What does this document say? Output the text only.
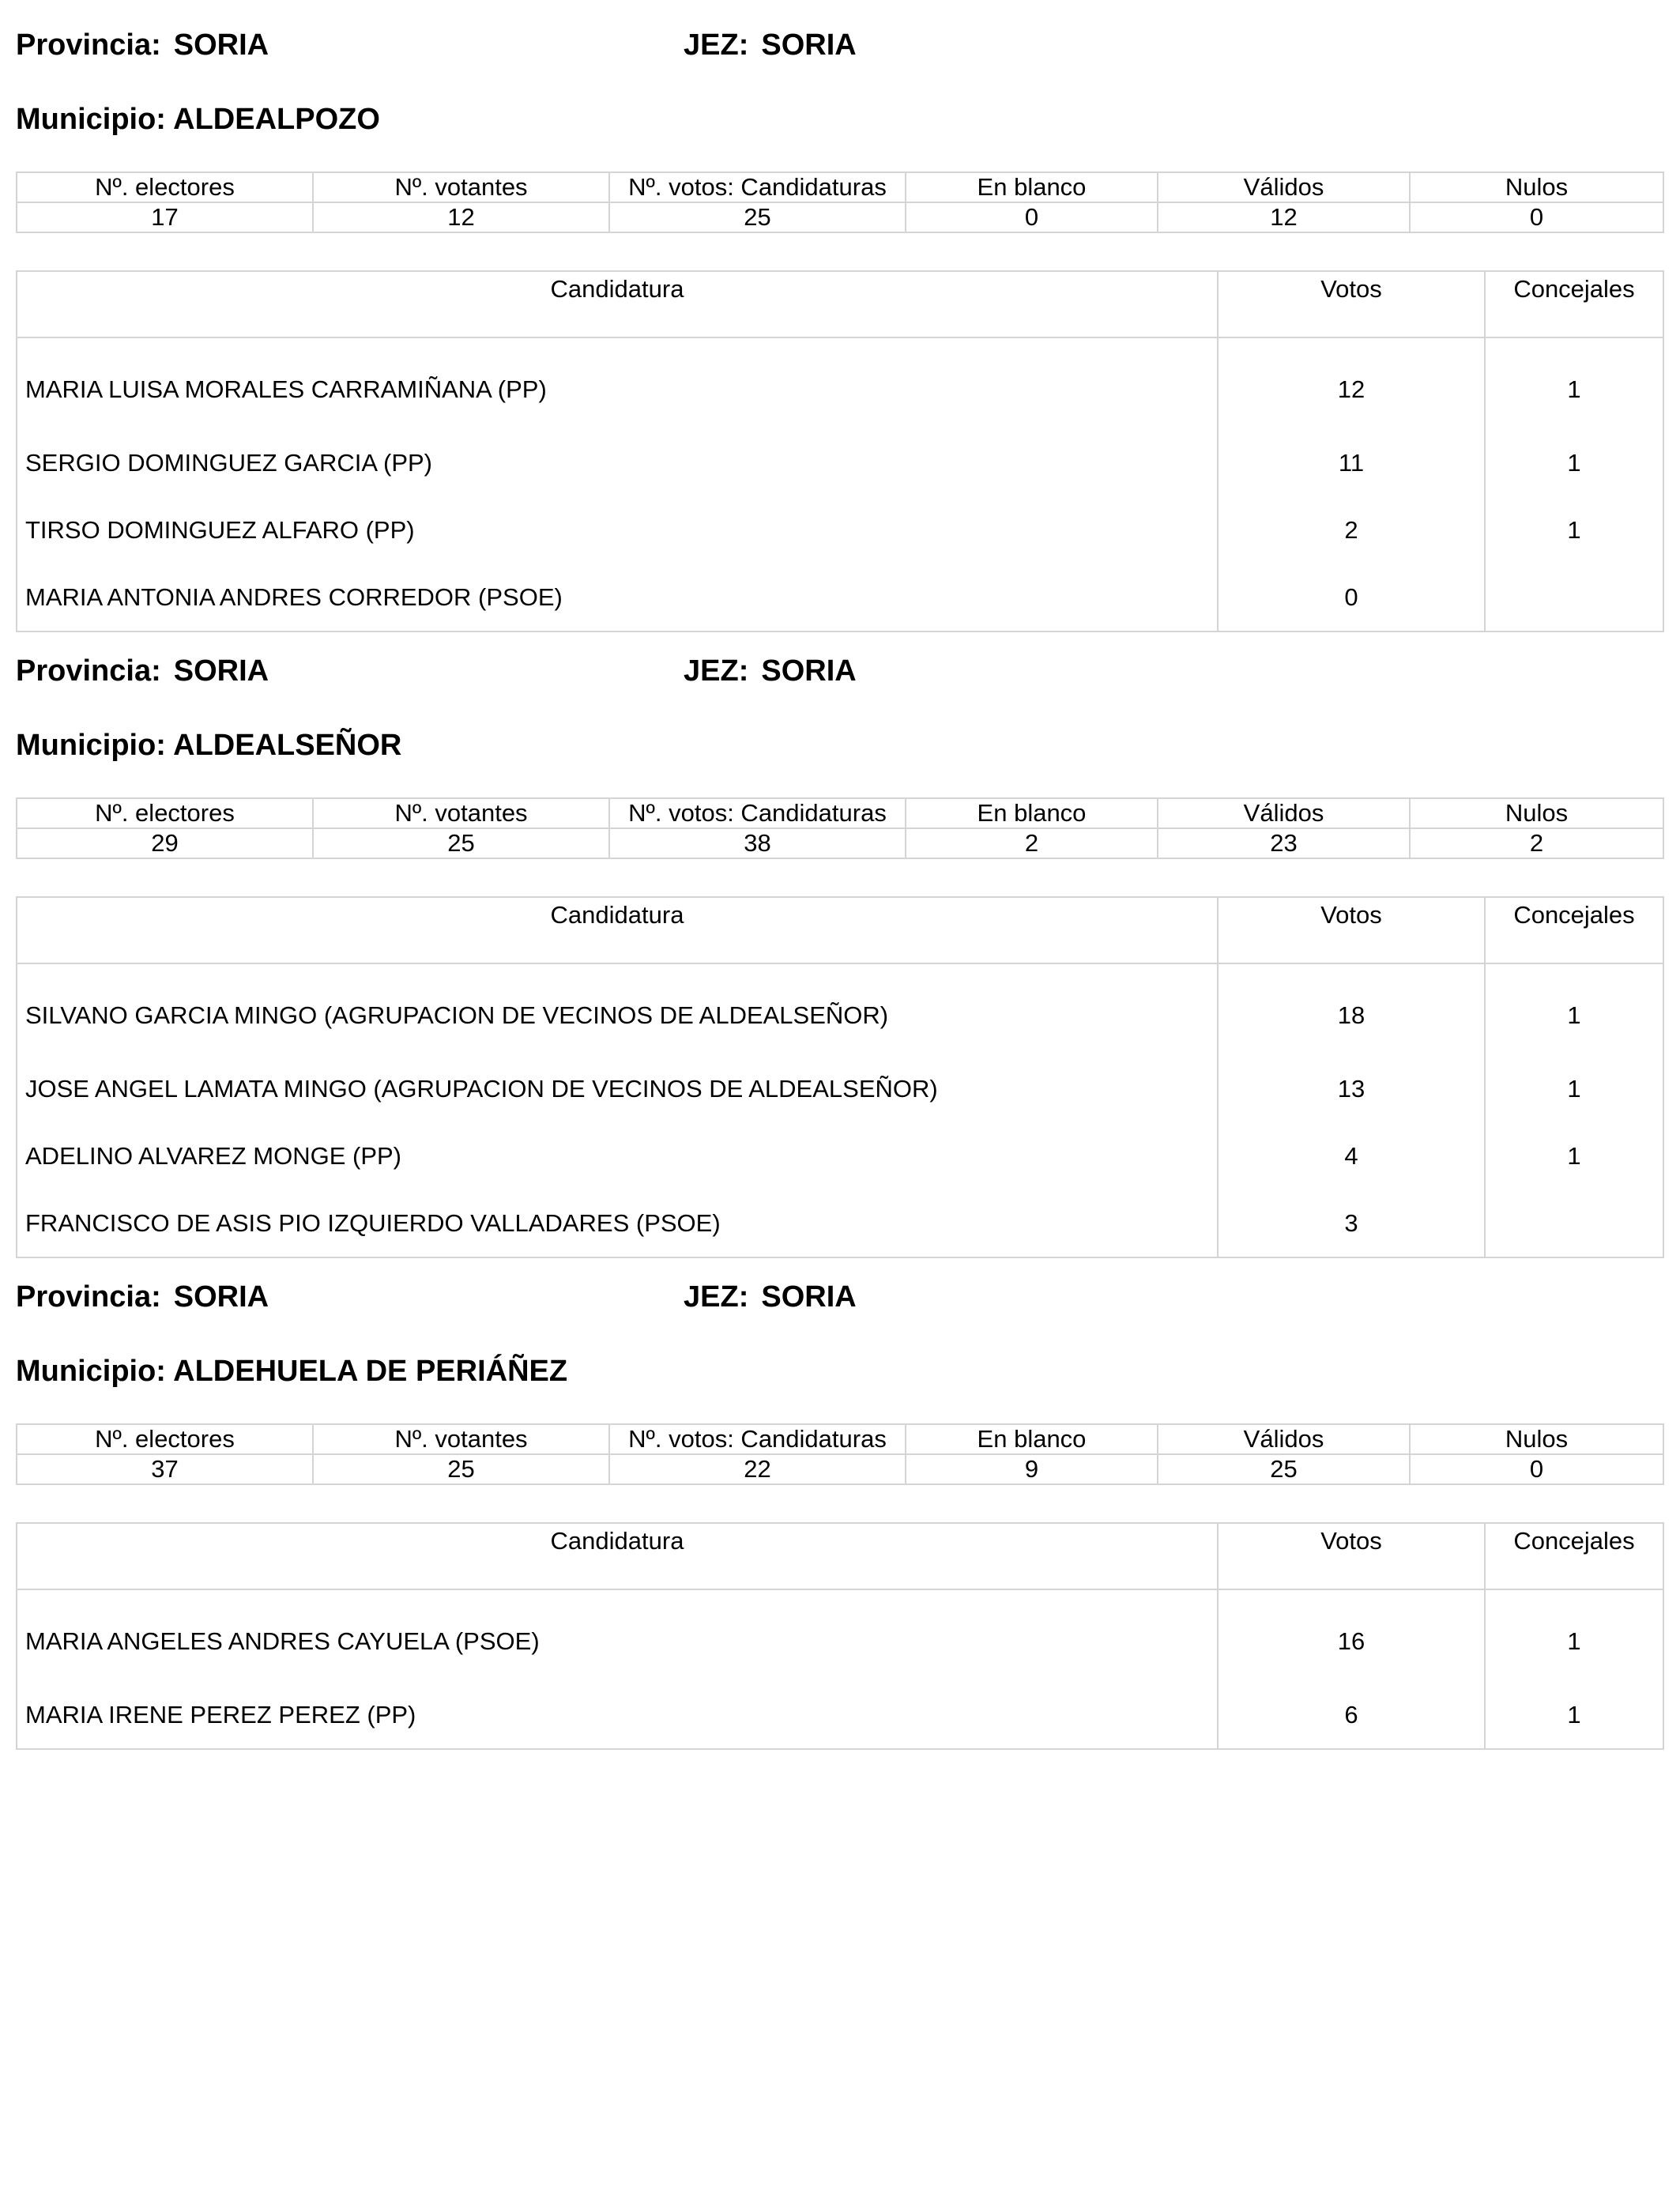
Provincia: SORIA	JEZ: SORIA
Municipio: ALDEALPOZO
Nº. electores	Nº. votantes	Nº. votos: Candidaturas	En blanco	Válidos	Nulos
17	12	25	0	12	0
Candidatura	Votos	Concejales
MARIA LUISA MORALES CARRAMIÑANA (PP)	12	1
SERGIO DOMINGUEZ GARCIA (PP)	11	1
TIRSO DOMINGUEZ ALFARO (PP)	2	1
MARIA ANTONIA ANDRES CORREDOR (PSOE)	0	
Provincia: SORIA	JEZ: SORIA
Municipio: ALDEALSEÑOR
Nº. electores	Nº. votantes	Nº. votos: Candidaturas	En blanco	Válidos	Nulos
29	25	38	2	23	2
Candidatura	Votos	Concejales
SILVANO GARCIA MINGO (AGRUPACION DE VECINOS DE ALDEALSEÑOR)	18	1
JOSE ANGEL LAMATA MINGO (AGRUPACION DE VECINOS DE ALDEALSEÑOR)	13	1
ADELINO ALVAREZ MONGE (PP)	4	1
FRANCISCO DE ASIS PIO IZQUIERDO VALLADARES (PSOE)	3	
Provincia: SORIA	JEZ: SORIA
Municipio: ALDEHUELA DE PERIÁÑEZ
Nº. electores	Nº. votantes	Nº. votos: Candidaturas	En blanco	Válidos	Nulos
37	25	22	9	25	0
Candidatura	Votos	Concejales
MARIA ANGELES ANDRES CAYUELA (PSOE)	16	1
MARIA IRENE PEREZ PEREZ (PP)	6	1
